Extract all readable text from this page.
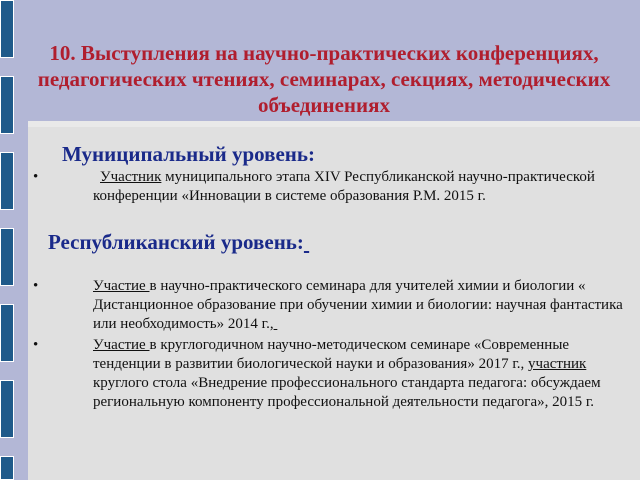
10. Выступления на научно-практических конференциях, педагогических чтениях, семинарах, секциях, методических объединениях
Муниципальный уровень:
•	Участник муниципального этапа XIV Республиканской научно-практической конференции «Инновации в системе образования Р.М. 2015 г.
Республиканский уровень:
•	Участие в научно-практического семинара для учителей химии и биологии « Дистанционное образование при обучении химии и биологии: научная фантастика или необходимость» 2014 г.,
•	Участие в круглогодичном научно-методическом семинаре «Современные тенденции в развитии биологической науки и образования» 2017 г., участник круглого стола «Внедрение профессионального стандарта педагога: обсуждаем региональную компоненту профессиональной деятельности педагога», 2015 г.
